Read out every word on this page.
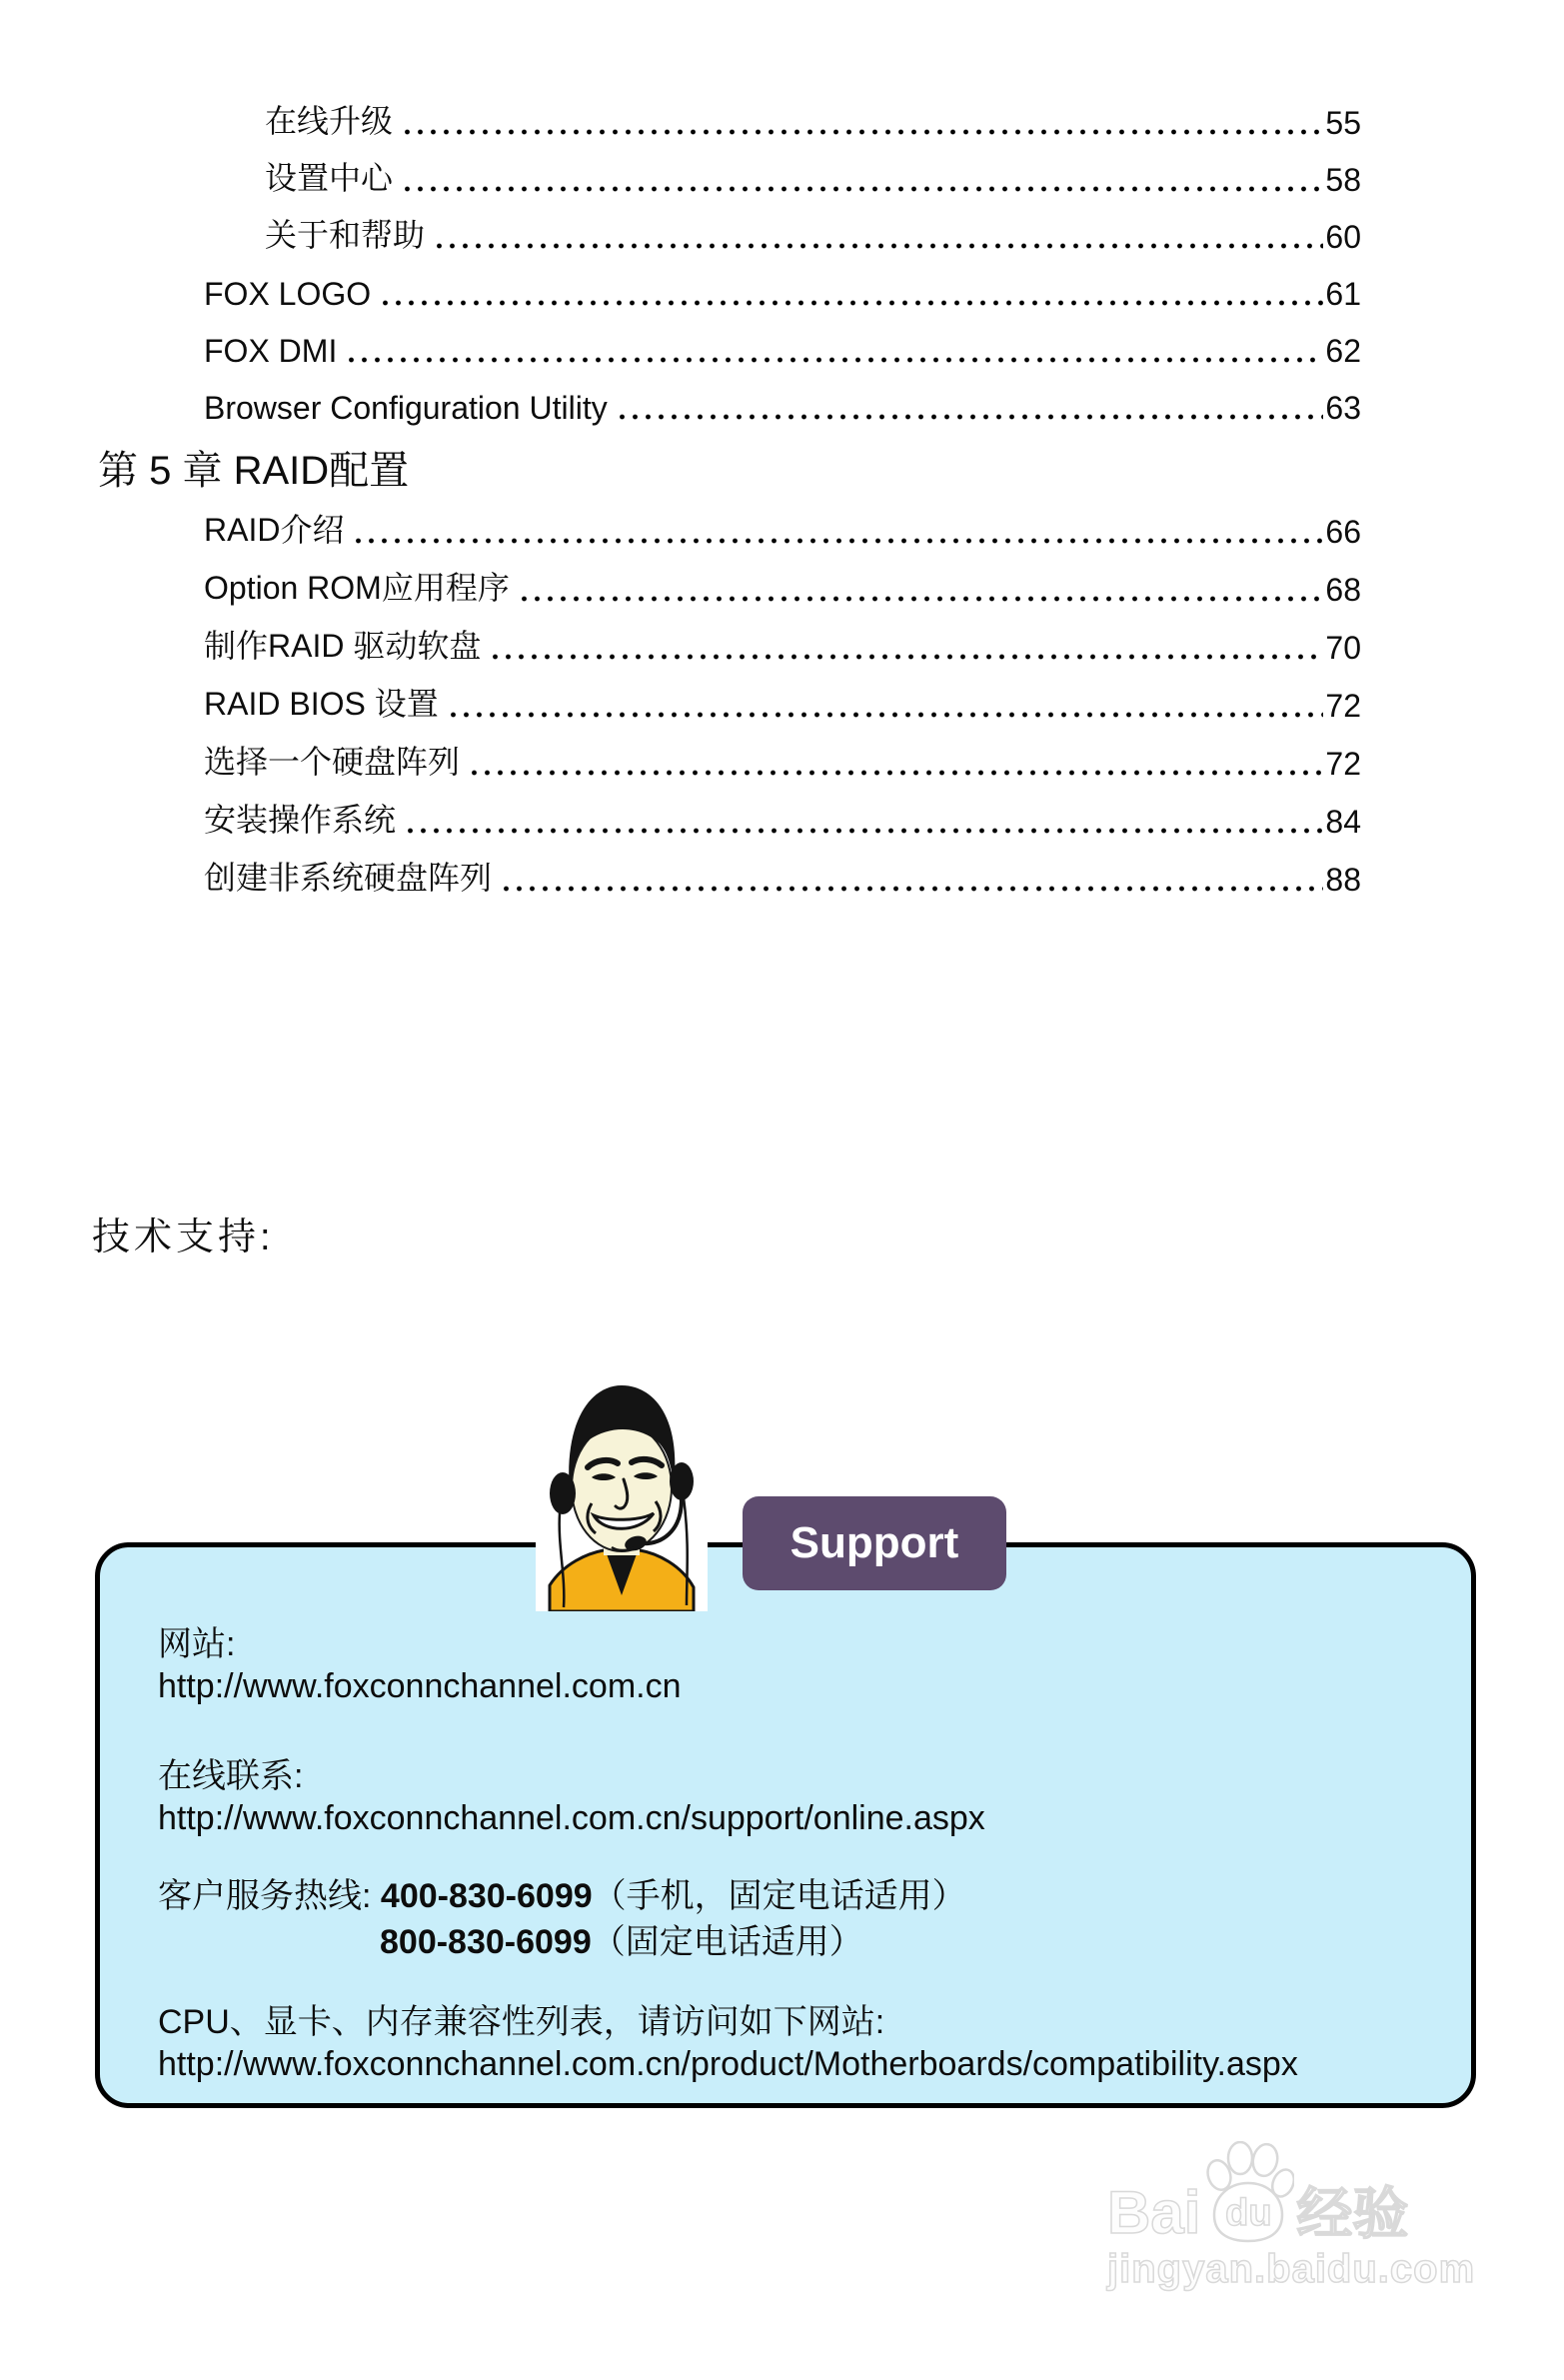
在线升级	55
设置中心	58
关于和帮助	60
FOX LOGO	61
FOX DMI	62
Browser Configuration Utility	63
第 5 章 RAID配置
RAID介绍	66
Option ROM应用程序	68
制作RAID 驱动软盘	70
RAID BIOS 设置	72
选择一个硬盘阵列	72
安装操作系统	84
创建非系统硬盘阵列	88
技术支持:
Support
网站:
http://www.foxconnchannel.com.cn
在线联系:
http://www.foxconnchannel.com.cn/support/online.aspx
客户服务热线: 400-830-6099（手机，固定电话适用）
800-830-6099（固定电话适用）
CPU、显卡、内存兼容性列表，请访问如下网站:
http://www.foxconnchannel.com.cn/product/Motherboards/compatibility.aspx
Bai du 经验
jingyan.baidu.com
